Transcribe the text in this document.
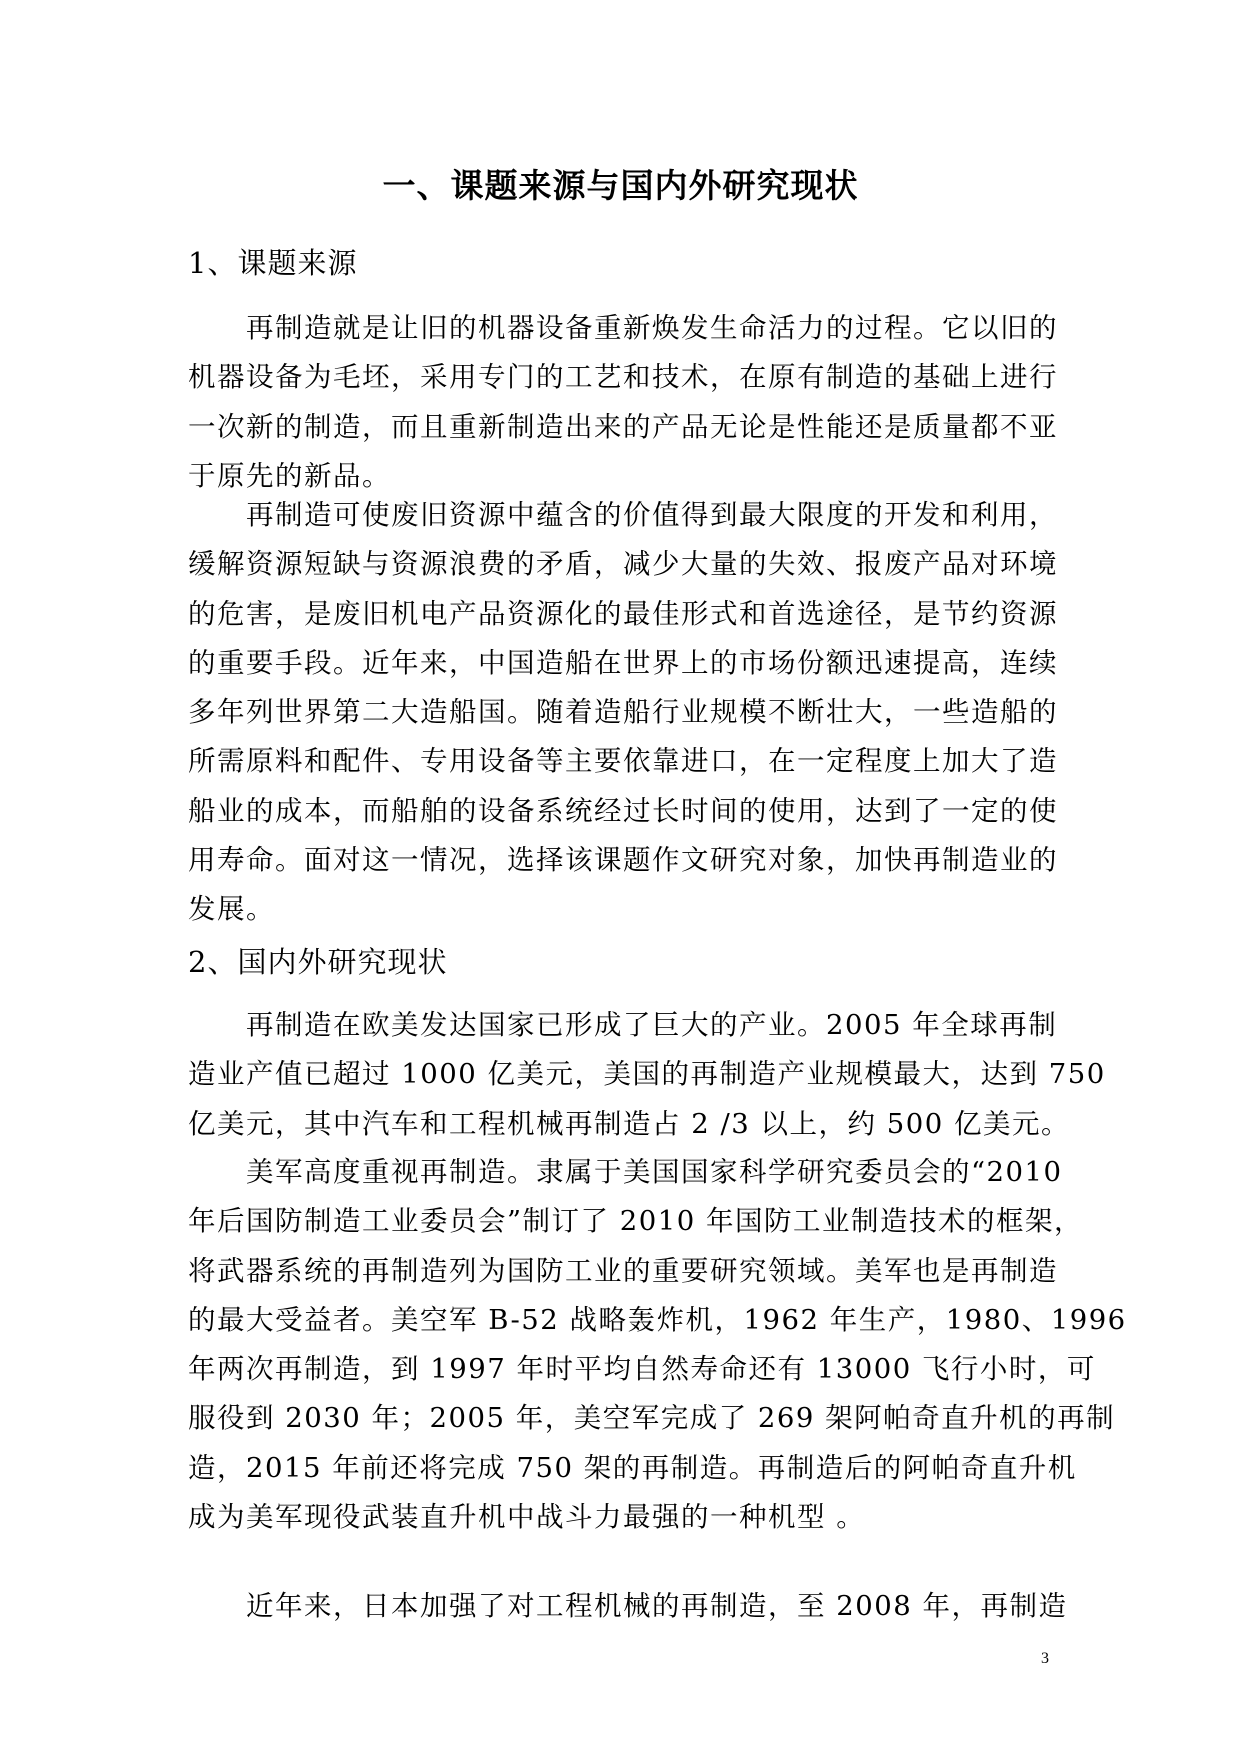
一、课题来源与国内外研究现状
1、课题来源

　　再制造就是让旧的机器设备重新焕发生命活力的过程。它以旧的
机器设备为毛坯，采用专门的工艺和技术，在原有制造的基础上进行
一次新的制造，而且重新制造出来的产品无论是性能还是质量都不亚
于原先的新品。

　　再制造可使废旧资源中蕴含的价值得到最大限度的开发和利用，
缓解资源短缺与资源浪费的矛盾，减少大量的失效、报废产品对环境
的危害，是废旧机电产品资源化的最佳形式和首选途径，是节约资源
的重要手段。近年来，中国造船在世界上的市场份额迅速提高，连续
多年列世界第二大造船国。随着造船行业规模不断壮大，一些造船的
所需原料和配件、专用设备等主要依靠进口，在一定程度上加大了造
船业的成本，而船舶的设备系统经过长时间的使用，达到了一定的使
用寿命。面对这一情况，选择该课题作文研究对象，加快再制造业的
发展。

2、国内外研究现状

　　再制造在欧美发达国家已形成了巨大的产业。2005 年全球再制
造业产值已超过 1000 亿美元，美国的再制造产业规模最大，达到 750
亿美元，其中汽车和工程机械再制造占 2 /3 以上，约 500 亿美元。

　　美军高度重视再制造。隶属于美国国家科学研究委员会的“2010
年后国防制造工业委员会”制订了 2010 年国防工业制造技术的框架，
将武器系统的再制造列为国防工业的重要研究领域。美军也是再制造
的最大受益者。美空军 B-52 战略轰炸机，1962 年生产，1980、1996
年两次再制造，到 1997 年时平均自然寿命还有 13000 飞行小时，可
服役到 2030 年；2005 年，美空军完成了 269 架阿帕奇直升机的再制
造，2015 年前还将完成 750 架的再制造。再制造后的阿帕奇直升机
成为美军现役武装直升机中战斗力最强的一种机型 。

　　近年来，日本加强了对工程机械的再制造，至 2008 年，再制造

3
